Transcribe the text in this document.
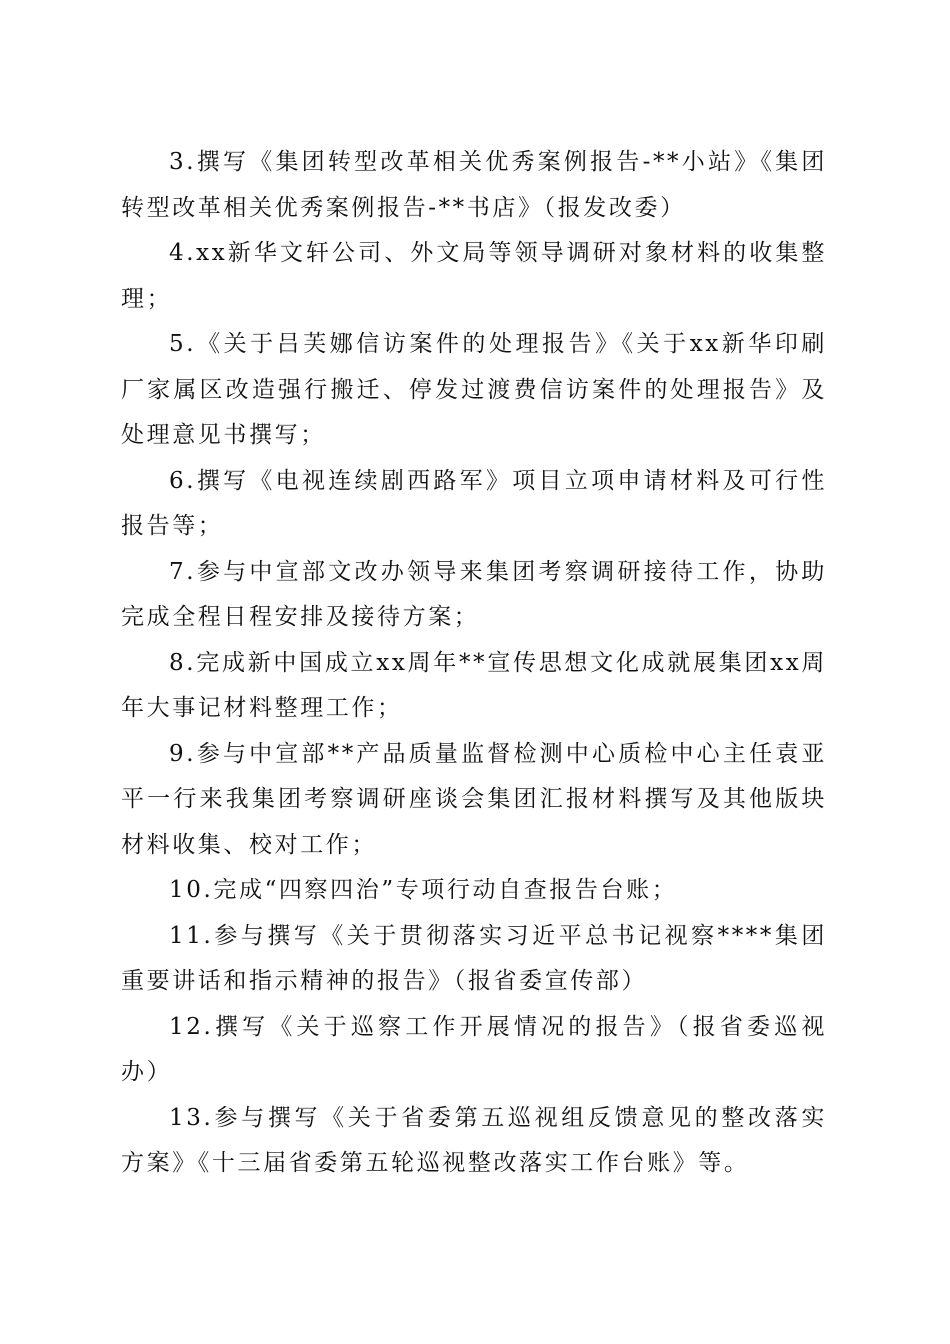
3.撰写《集团转型改革相关优秀案例报告-**小站》《集团转型改革相关优秀案例报告-**书店》（报发改委）

4.xx新华文轩公司、外文局等领导调研对象材料的收集整理；

5.《关于吕芙娜信访案件的处理报告》《关于xx新华印刷厂家属区改造强行搬迁、停发过渡费信访案件的处理报告》及处理意见书撰写；

6.撰写《电视连续剧西路军》项目立项申请材料及可行性报告等；

7.参与中宣部文改办领导来集团考察调研接待工作，协助完成全程日程安排及接待方案；

8.完成新中国成立xx周年**宣传思想文化成就展集团xx周年大事记材料整理工作；

9.参与中宣部**产品质量监督检测中心质检中心主任袁亚平一行来我集团考察调研座谈会集团汇报材料撰写及其他版块材料收集、校对工作；

10.完成“四察四治”专项行动自查报告台账；

11.参与撰写《关于贯彻落实习近平总书记视察****集团重要讲话和指示精神的报告》（报省委宣传部）

12.撰写《关于巡察工作开展情况的报告》（报省委巡视办）

13.参与撰写《关于省委第五巡视组反馈意见的整改落实方案》《十三届省委第五轮巡视整改落实工作台账》等。
